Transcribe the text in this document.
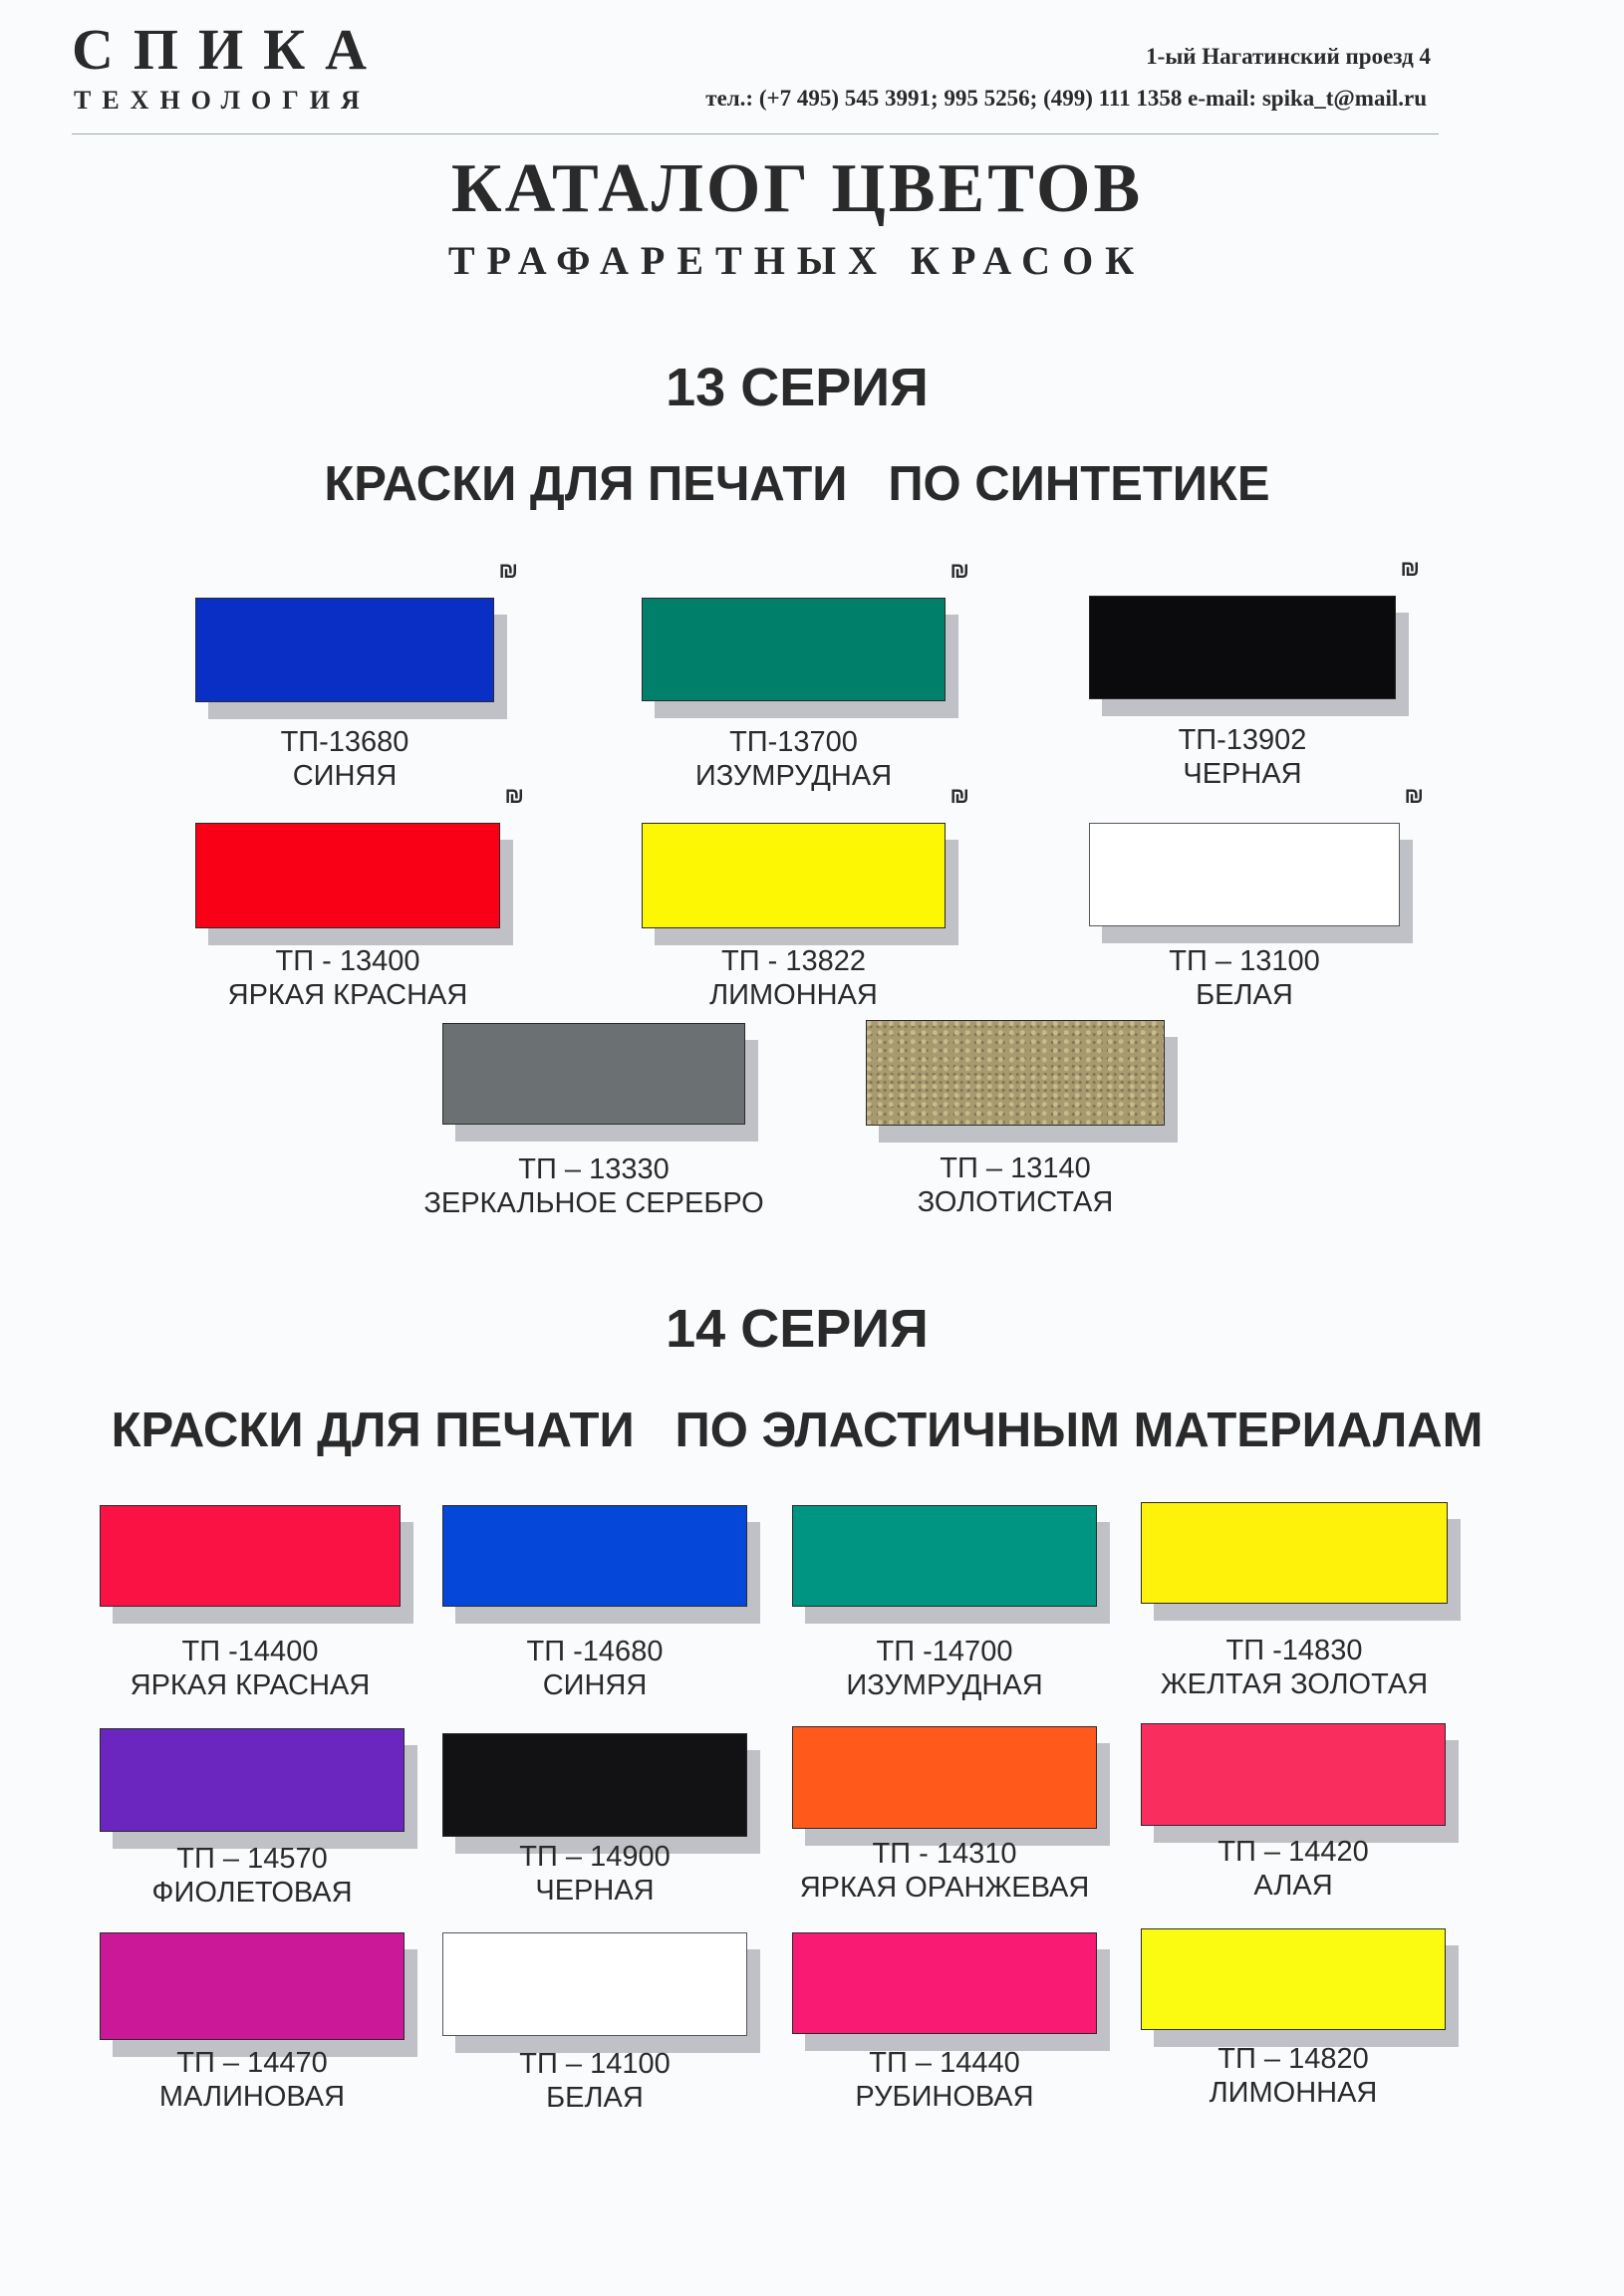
СПИКА
ТЕХНОЛОГИЯ
1-ый Нагатинский проезд 4
тел.: (+7 495) 545 3991; 995 5256; (499) 111 1358 e-mail: spika_t@mail.ru
КАТАЛОГ ЦВЕТОВ
ТРАФАРЕТНЫХ КРАСОК
13 СЕРИЯ
КРАСКИ ДЛЯ ПЕЧАТИ   ПО СИНТЕТИКЕ
₪
ТП-13680
СИНЯЯ
₪
ТП-13700
ИЗУМРУДНАЯ
₪
ТП-13902
ЧЕРНАЯ
₪
ТП - 13400
ЯРКАЯ КРАСНАЯ
₪
ТП - 13822
ЛИМОННАЯ
₪
ТП – 13100
БЕЛАЯ
ТП – 13330
ЗЕРКАЛЬНОЕ СЕРЕБРО
ТП – 13140
ЗОЛОТИСТАЯ
14 СЕРИЯ
КРАСКИ ДЛЯ ПЕЧАТИ   ПО ЭЛАСТИЧНЫМ МАТЕРИАЛАМ
ТП -14400
ЯРКАЯ КРАСНАЯ
ТП -14680
СИНЯЯ
ТП -14700
ИЗУМРУДНАЯ
ТП -14830
ЖЕЛТАЯ ЗОЛОТАЯ
ТП – 14570
ФИОЛЕТОВАЯ
ТП – 14900
ЧЕРНАЯ
ТП - 14310
ЯРКАЯ ОРАНЖЕВАЯ
ТП – 14420
АЛАЯ
ТП – 14470
МАЛИНОВАЯ
ТП – 14100
БЕЛАЯ
ТП – 14440
РУБИНОВАЯ
ТП – 14820
ЛИМОННАЯ
